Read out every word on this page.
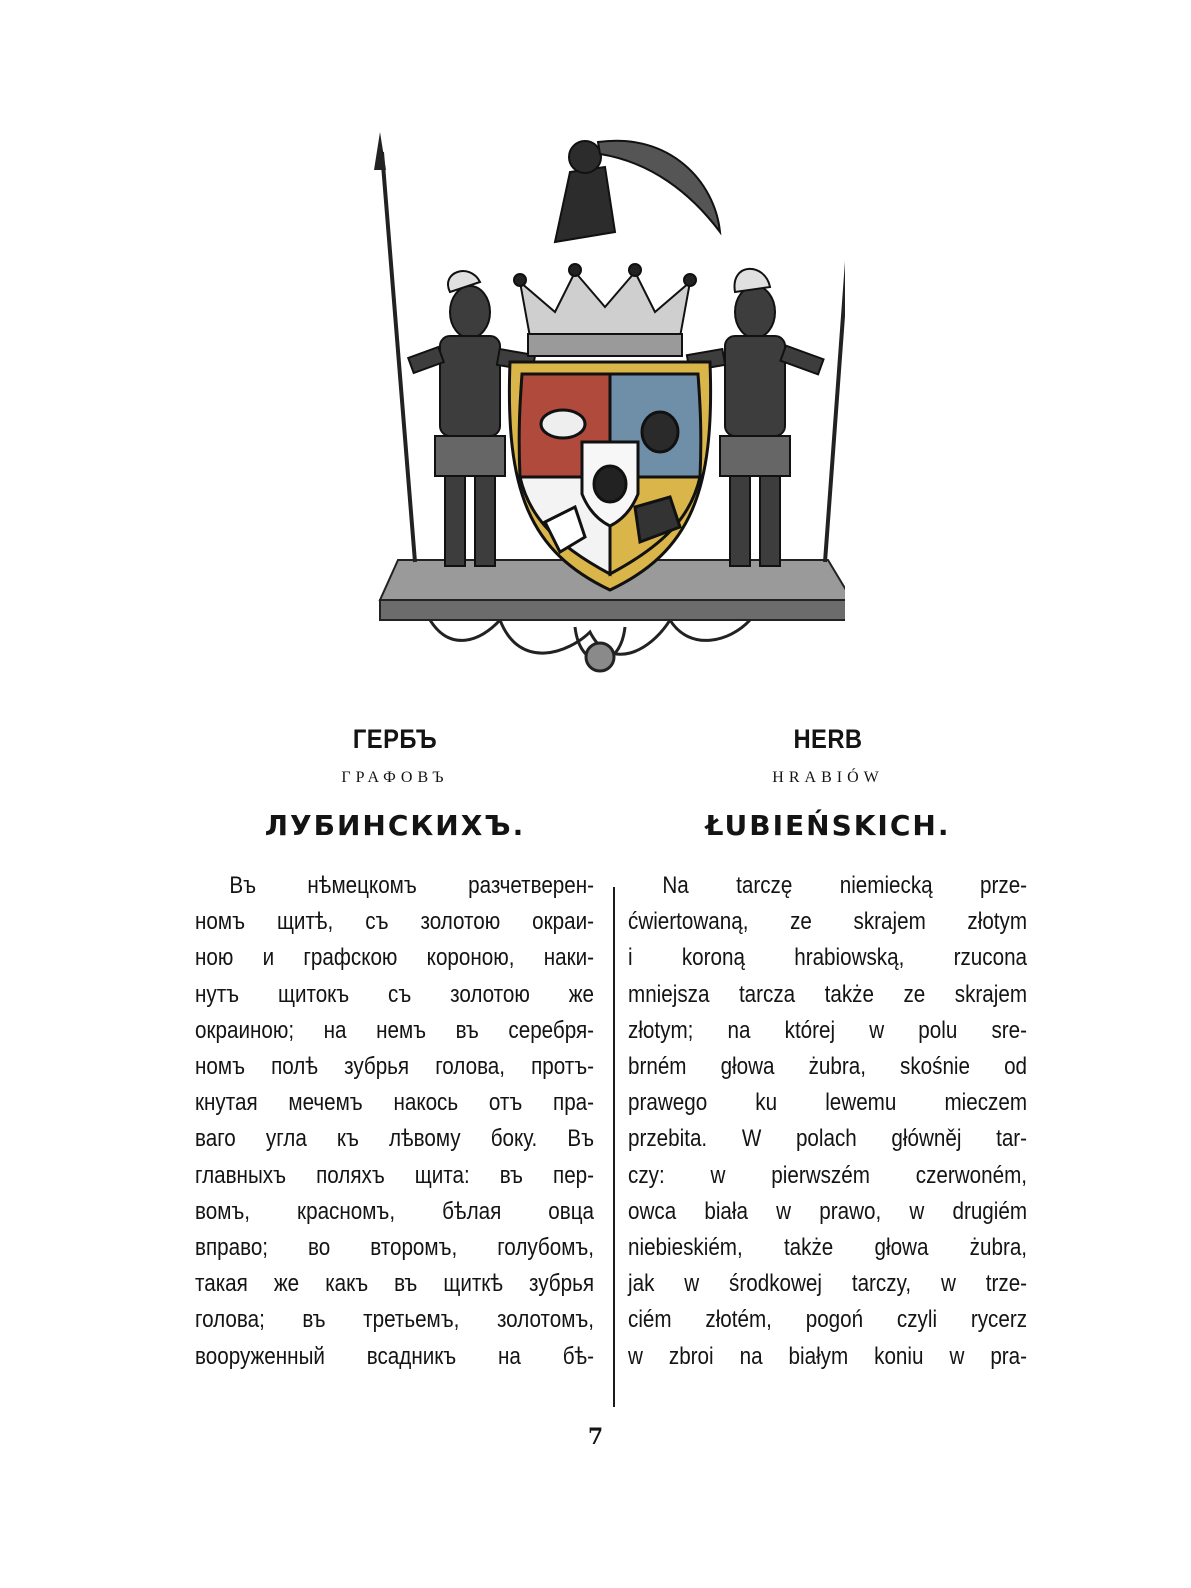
ГЕРБЪ
ГРАФОВЪ
ЛУБИНСКИХЪ.
Въ нѣмецкомъ разчетверен-
номъ щитѣ, съ золотою окраи-
ною и графскою короною, наки-
нутъ щитокъ съ золотою же
окраиною; на немъ въ серебря-
номъ полѣ зубрья голова, протъ-
кнутая мечемъ накось отъ пра-
ваго угла къ лѣвому боку. Въ
главныхъ поляхъ щита: въ пер-
вомъ, красномъ, бѣлая овца
вправо; во второмъ, голубомъ,
такая же какъ въ щиткѣ зубрья
голова; въ третьемъ, золотомъ,
вооруженный всадникъ на бѣ-
HERB
HRABIÓW
ŁUBIEŃSKICH.
Na tarczę niemiecką prze-
ćwiertowaną, ze skrajem złotym
i koroną hrabiowską, rzucona
mniejsza tarcza także ze skrajem
złotym; na której w polu sre-
brném głowa żubra, skośnie od
prawego ku lewemu mieczem
przebita. W polach główněj tar-
czy: w pierwszém czerwoném,
owca biała w prawo, w drugiém
niebieskiém, także głowa żubra,
jak w środkowej tarczy, w trze-
ciém złotém, pogoń czyli rycerz
w zbroi na białym koniu w pra-
7
